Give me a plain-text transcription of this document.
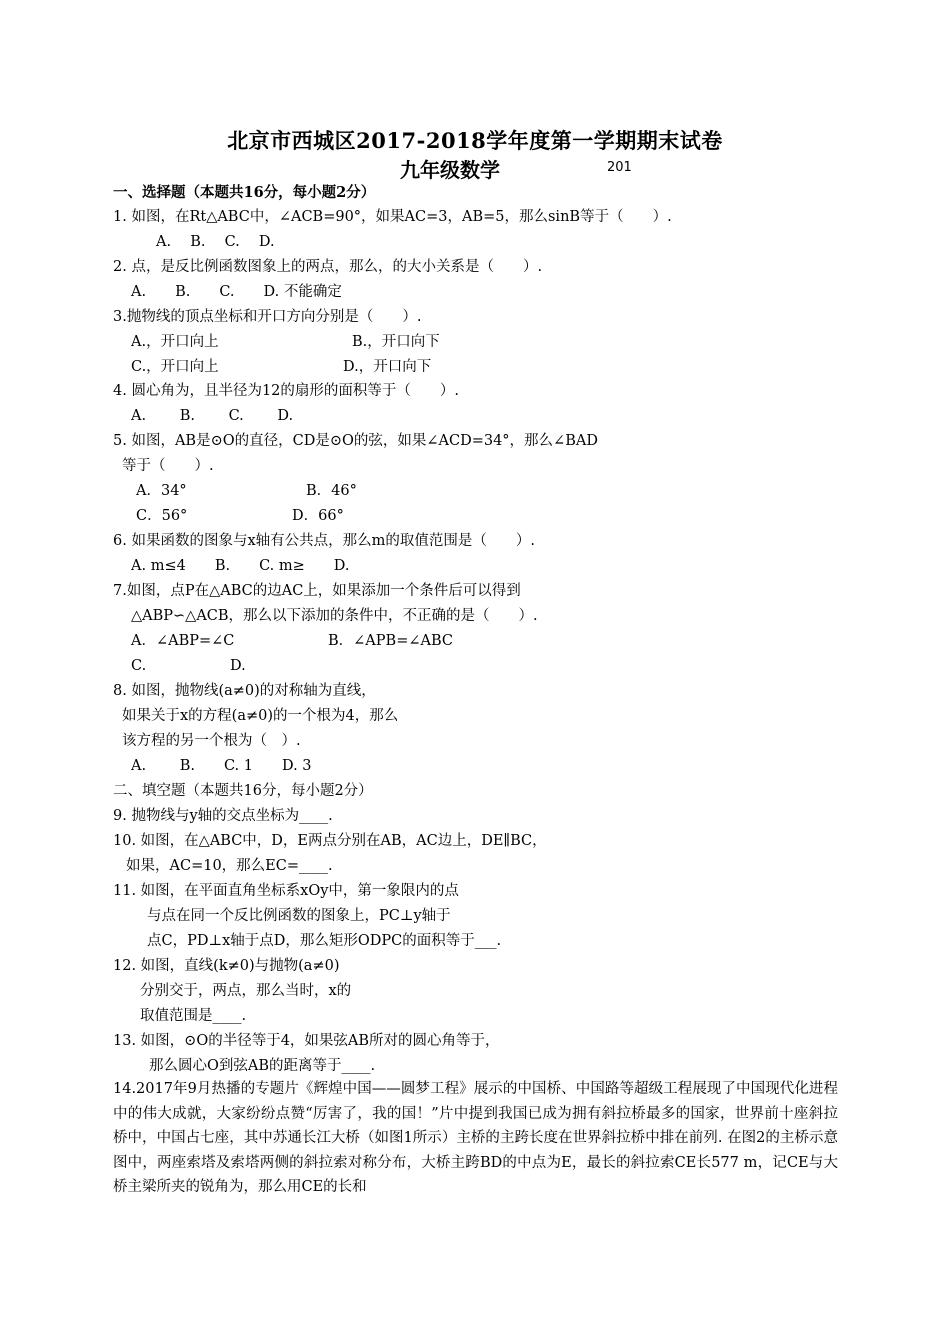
北京市西城区2017-2018学年度第一学期期末试卷
九年级数学	201
一、选择题（本题共16分，每小题2分）
1. 如图，在Rt△ABC中，∠ACB=90°，如果AC=3，AB=5，那么sinB等于（　　）.
A.　 B.　 C.　 D.
2. 点，是反比例函数图象上的两点，那么，的大小关系是（　　）.
A.　　B.　　C.　　D. 不能确定
3.抛物线的顶点坐标和开口方向分别是（　　）.
A.，开口向上	B.，开口向下
C.，开口向上	D.，开口向下
4. 圆心角为，且半径为12的扇形的面积等于（　　）.
A.　　 B.　　 C.　　 D.
5. 如图，AB是⊙O的直径，CD是⊙O的弦，如果∠ACD=34°，那么∠BAD
等于（　　）.
A．34°	B．46°
C．56°	D．66°
6. 如果函数的图象与x轴有公共点，那么m的取值范围是（　　）.
A. m≤4　　B.　　C. m≥　　D.
7.如图，点P在△ABC的边AC上，如果添加一个条件后可以得到
△ABP∽△ACB，那么以下添加的条件中，不正确的是（　　）.
A．∠ABP=∠C	B．∠APB=∠ABC
C.	D.
8. 如图，抛物线(a≠0)的对称轴为直线，
如果关于x的方程(a≠0)的一个根为4，那么
该方程的另一个根为（　）.
A.　　 B.　　C. 1　　D. 3
二、填空题（本题共16分，每小题2分）
9. 抛物线与y轴的交点坐标为____.
10. 如图，在△ABC中，D，E两点分别在AB，AC边上，DE∥BC，
如果，AC=10，那么EC=____.
11. 如图，在平面直角坐标系xOy中，第一象限内的点
与点在同一个反比例函数的图象上，PC⊥y轴于
点C，PD⊥x轴于点D，那么矩形ODPC的面积等于___.
12. 如图，直线(k≠0)与抛物(a≠0)
分别交于，两点，那么当时，x的
取值范围是____.
13. 如图，⊙O的半径等于4，如果弦AB所对的圆心角等于，
那么圆心O到弦AB的距离等于____.
14.2017年9月热播的专题片《辉煌中国——圆梦工程》展示的中国桥、中国路等超级工程展现了中国现代化进程中的伟大成就，大家纷纷点赞“厉害了，我的国！”片中提到我国已成为拥有斜拉桥最多的国家，世界前十座斜拉桥中，中国占七座，其中苏通长江大桥（如图1所示）主桥的主跨长度在世界斜拉桥中排在前列. 在图2的主桥示意图中，两座索塔及索塔两侧的斜拉索对称分布，大桥主跨BD的中点为E，最长的斜拉索CE长577 m，记CE与大桥主梁所夹的锐角为，那么用CE的长和
